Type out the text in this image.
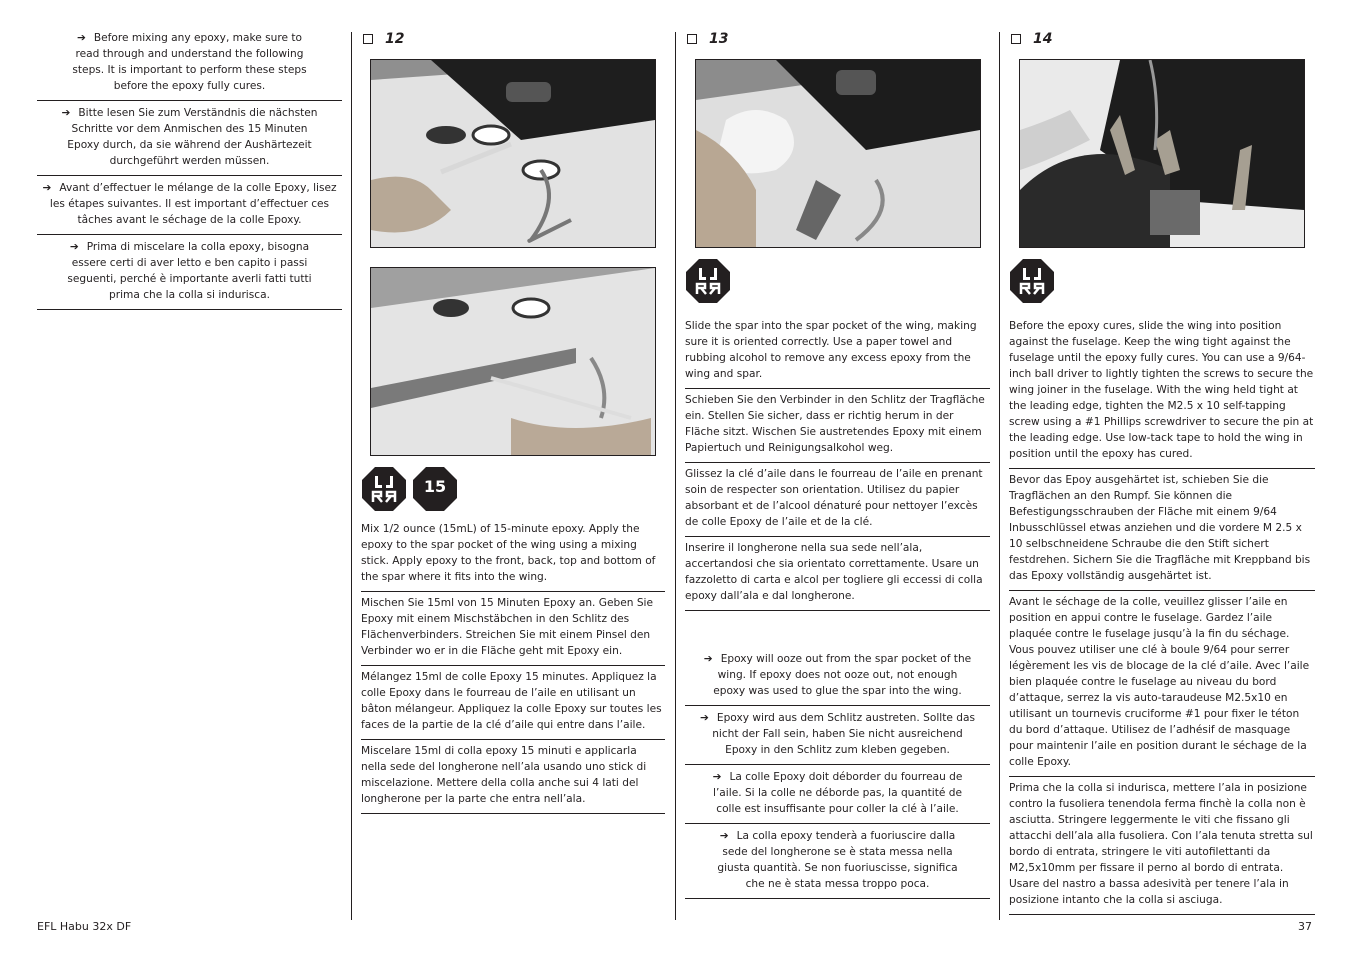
➔ Before mixing any epoxy, make sure to read through and understand the following steps. It is important to perform these steps before the epoxy fully cures.
➔ Bitte lesen Sie zum Verständnis die nächsten Schritte vor dem Anmischen des 15 Minuten Epoxy durch, da sie während der Aushärtezeit durchgeführt werden müssen.
➔ Avant d’effectuer le mélange de la colle Epoxy, lisez les étapes suivantes. Il est important d’effectuer ces tâches avant le séchage de la colle Epoxy.
➔ Prima di miscelare la colla epoxy, bisogna essere certi di aver letto e ben capito i passi seguenti, perché è importante averli fatti tutti prima che la colla si indurisca.
12
15
Mix 1/2 ounce (15mL) of 15-minute epoxy. Apply the epoxy to the spar pocket of the wing using a mixing stick. Apply epoxy to the front, back, top and bottom of the spar where it fits into the wing.
Mischen Sie 15ml von 15 Minuten Epoxy an. Geben Sie Epoxy mit einem Mischstäbchen in den Schlitz des Flächenverbinders. Streichen Sie mit einem Pinsel den Verbinder wo er in die Fläche geht mit Epoxy ein.
Mélangez 15ml de colle Epoxy 15 minutes. Appliquez la colle Epoxy dans le fourreau de l’aile en utilisant un bâton mélangeur. Appliquez la colle Epoxy sur toutes les faces de la partie de la clé d’aile qui entre dans l’aile.
Miscelare 15ml di colla epoxy 15 minuti e applicarla nella sede del longherone nell’ala usando uno stick di miscelazione. Mettere della colla anche sui 4 lati del longherone per la parte che entra nell’ala.
13
Slide the spar into the spar pocket of the wing, making sure it is oriented correctly. Use a paper towel and rubbing alcohol to remove any excess epoxy from the wing and spar.
Schieben Sie den Verbinder in den Schlitz der Tragfläche ein. Stellen Sie sicher, dass er richtig herum in der Fläche sitzt. Wischen Sie austretendes Epoxy mit einem Papiertuch und Reinigungsalkohol weg.
Glissez la clé d’aile dans le fourreau de l’aile en prenant soin de respecter son orientation. Utilisez du papier absorbant et de l’alcool dénaturé pour nettoyer l’excès de colle Epoxy de l’aile et de la clé.
Inserire il longherone nella sua sede nell’ala, accertandosi che sia orientato correttamente. Usare un fazzoletto di carta e alcol per togliere gli eccessi di colla epoxy dall’ala e dal longherone.
➔ Epoxy will ooze out from the spar pocket of the wing. If epoxy does not ooze out, not enough epoxy was used to glue the spar into the wing.
➔ Epoxy wird aus dem Schlitz austreten. Sollte das nicht der Fall sein, haben Sie nicht ausreichend Epoxy in den Schlitz zum kleben gegeben.
➔ La colle Epoxy doit déborder du fourreau de l’aile. Si la colle ne déborde pas, la quantité de colle est insuffisante pour coller la clé à l’aile.
➔ La colla epoxy tenderà a fuoriuscire dalla sede del longherone se è stata messa nella giusta quantità. Se non fuoriuscisse, significa che ne è stata messa troppo poca.
14
Before the epoxy cures, slide the wing into position against the fuselage. Keep the wing tight against the fuselage until the epoxy fully cures. You can use a 9/64-inch ball driver to lightly tighten the screws to secure the wing joiner in the fuselage. With the wing held tight at the leading edge, tighten the M2.5 x 10 self-tapping screw using a #1 Phillips screwdriver to secure the pin at the leading edge. Use low-tack tape to hold the wing in position until the epoxy has cured.
Bevor das Epoy ausgehärtet ist, schieben Sie die Tragflächen an den Rumpf. Sie können die Befestigungsschrauben der Fläche mit einem 9/64 Inbusschlüssel etwas anziehen und die vordere M 2.5 x 10 selbschneidene Schraube die den Stift sichert festdrehen. Sichern Sie die Tragfläche mit Kreppband bis das Epoxy vollständig ausgehärtet ist.
Avant le séchage de la colle, veuillez glisser l’aile en position en appui contre le fuselage. Gardez l’aile plaquée contre le fuselage jusqu’à la fin du séchage. Vous pouvez utiliser une clé à boule 9/64 pour serrer légèrement les vis de blocage de la clé d’aile. Avec l’aile bien plaquée contre le fuselage au niveau du bord d’attaque, serrez la vis auto-taraudeuse M2.5x10 en utilisant un tournevis cruciforme #1 pour fixer le téton du bord d’attaque. Utilisez de l’adhésif de masquage pour maintenir l’aile en position durant le séchage de la colle Epoxy.
Prima che la colla si indurisca, mettere l’ala in posizione contro la fusoliera tenendola ferma finchè la colla non è asciutta. Stringere leggermente le viti che fissano gli attacchi dell’ala alla fusoliera. Con l’ala tenuta stretta sul bordo di entrata, stringere le viti autofilettanti da M2,5x10mm per fissare il perno al bordo di entrata. Usare del nastro a bassa adesività per tenere l’ala in posizione intanto che la colla si asciuga.
EFL Habu 32x DF	37
